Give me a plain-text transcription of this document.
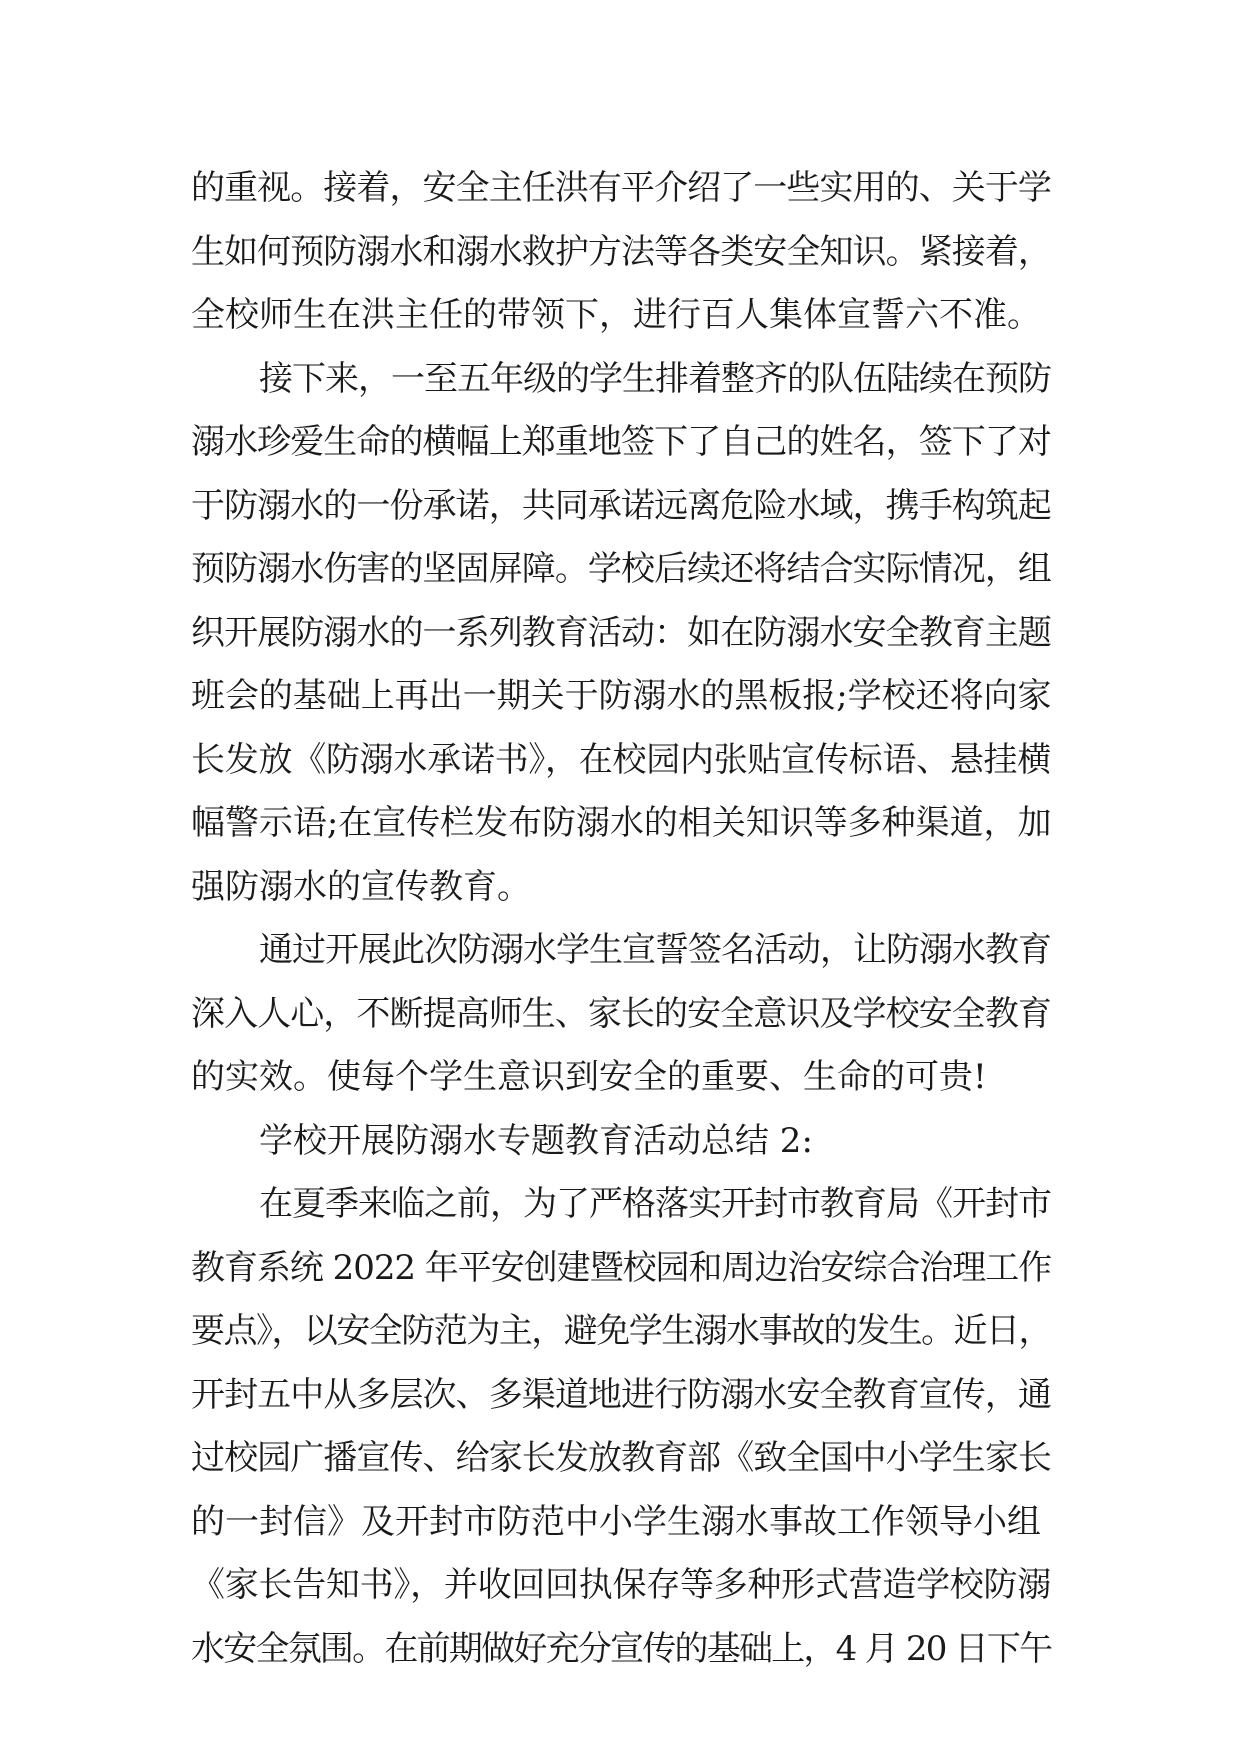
的重视。接着，安全主任洪有平介绍了一些实用的、关于学
生如何预防溺水和溺水救护方法等各类安全知识。紧接着，
全校师生在洪主任的带领下，进行百人集体宣誓六不准。
接下来，一至五年级的学生排着整齐的队伍陆续在预防
溺水珍爱生命的横幅上郑重地签下了自己的姓名，签下了对
于防溺水的一份承诺，共同承诺远离危险水域，携手构筑起
预防溺水伤害的坚固屏障。学校后续还将结合实际情况，组
织开展防溺水的一系列教育活动：如在防溺水安全教育主题
班会的基础上再出一期关于防溺水的黑板报;学校还将向家
长发放《防溺水承诺书》，在校园内张贴宣传标语、悬挂横
幅警示语;在宣传栏发布防溺水的相关知识等多种渠道，加
强防溺水的宣传教育。
通过开展此次防溺水学生宣誓签名活动，让防溺水教育
深入人心，不断提高师生、家长的安全意识及学校安全教育
的实效。使每个学生意识到安全的重要、生命的可贵!
学校开展防溺水专题教育活动总结 2:
在夏季来临之前，为了严格落实开封市教育局《开封市
教育系统 2022 年平安创建暨校园和周边治安综合治理工作
要点》，以安全防范为主，避免学生溺水事故的发生。近日，
开封五中从多层次、多渠道地进行防溺水安全教育宣传，通
过校园广播宣传、给家长发放教育部《致全国中小学生家长
的一封信》及开封市防范中小学生溺水事故工作领导小组
《家长告知书》，并收回回执保存等多种形式营造学校防溺
水安全氛围。在前期做好充分宣传的基础上，4 月 20 日下午
